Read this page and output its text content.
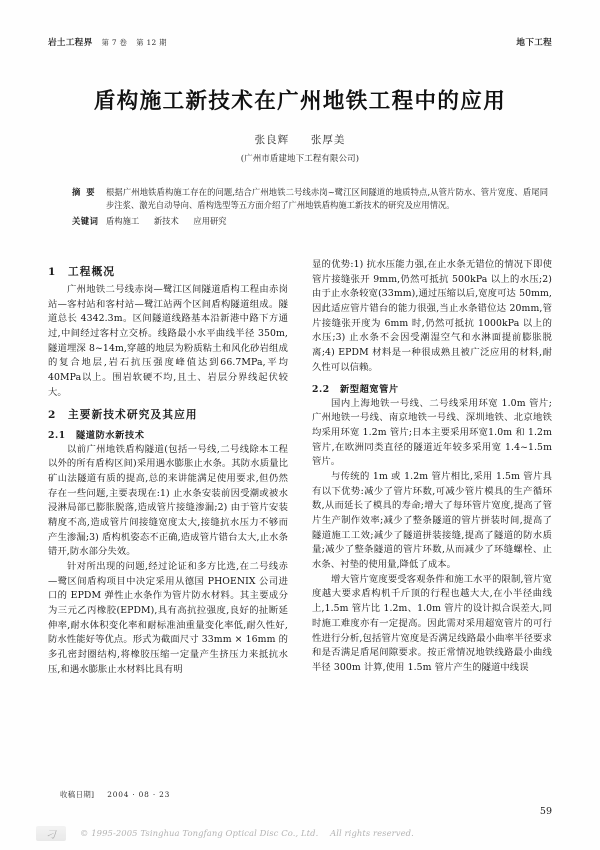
岩土工程界 第 7 卷 第 12 期	地下工程
盾构施工新技术在广州地铁工程中的应用
张良辉 张厚美
(广州市盾建地下工程有限公司)
摘要 根据广州地铁盾构施工存在的问题,结合广州地铁二号线赤岗~鹭江区间隧道的地质特点,从管片防水、管片宽度、盾尾同步注浆、激光自动导向、盾构选型等五方面介绍了广州地铁盾构施工新技术的研究及应用情况。
关键词 盾构施工 新技术 应用研究
1	工程概况

广州地铁二号线赤岗—鹭江区间隧道盾构工程由赤岗站—客村站和客村站—鹭江站两个区间盾构隧道组成。隧道总长 4342.3m。区间隧道线路基本沿新港中路下方通过,中间经过客村立交桥。线路最小水平曲线半径 350m,隧道埋深 8~14m,穿越的地层为粉质粘土和风化砂岩组成的复合地层,岩石抗压强度峰值达到66.7MPa,平均40MPa以上。围岩软硬不均,且土、岩层分界线起伏较大。

2	主要新技术研究及其应用
2.1	隧道防水新技术

以前广州地铁盾构隧道(包括一号线,二号线除本工程以外的所有盾构区间)采用遇水膨胀止水条。其防水质量比矿山法隧道有质的提高,总的来讲能满足使用要求,但仍然存在一些问题,主要表现在:1) 止水条安装前因受潮或被水浸淋局部已膨胀脱落,造成管片接缝渗漏;2) 由于管片安装精度不高,造成管片间接缝宽度太大,接缝抗水压力不够而产生渗漏;3) 盾构机姿态不正确,造成管片错台太大,止水条错开,防水部分失效。

针对所出现的问题,经过论证和多方比选,在二号线赤—鹭区间盾构项目中决定采用从德国 PHOENIX 公司进口的 EPDM 弹性止水条作为管片防水材料。其主要成分为三元乙丙橡胶(EPDM),具有高抗拉强度,良好的扯断延伸率,耐水体积变化率和耐标准油重量变化率低,耐久性好,防水性能好等优点。形式为截面尺寸 33mm × 16mm 的多孔密封圈结构,将橡胶压缩一定量产生挤压力来抵抗水压,和遇水膨胀止水材料比具有明

显的优势:1) 抗水压能力强,在止水条无错位的情况下即使管片接缝张开 9mm,仍然可抵抗 500kPa 以上的水压;2) 由于止水条较宽(33mm),通过压缩以后,宽度可达 50mm,因此适应管片错台的能力很强,当止水条错位达 20mm,管片接缝张开度为 6mm 时,仍然可抵抗 1000kPa 以上的水压;3) 止水条不会因受潮湿空气和水淋面提前膨胀脱离;4) EPDM 材料是一种很成熟且被广泛应用的材料,耐久性可以信赖。

2.2	新型超宽管片

国内上海地铁一号线、二号线采用环宽 1.0m 管片;广州地铁一号线、南京地铁一号线、深圳地铁、北京地铁均采用环宽 1.2m 管片;日本主要采用环宽1.0m 和 1.2m 管片,在欧洲同类直径的隧道近年较多采用宽 1.4~1.5m 管片。

与传统的 1m 或 1.2m 管片相比,采用 1.5m 管片具有以下优势:减少了管片环数,可减少管片模具的生产循环数,从而延长了模具的寿命;增大了每环管片宽度,提高了管片生产制作效率;减少了整条隧道的管片拼装时间,提高了隧道施工工效;减少了隧道拼装接缝,提高了隧道的防水质量;减少了整条隧道的管片环数,从而减少了环缝螺栓、止水条、衬垫的使用量,降低了成本。

增大管片宽度要受客观条件和施工水平的限制,管片宽度越大要求盾构机千斤顶的行程也越大大,在小半径曲线上,1.5m 管片比 1.2m、1.0m 管片的设计拟合误差大,同时施工难度亦有一定提高。因此需对采用超宽管片的可行性进行分析,包括管片宽度是否满足线路最小曲率半径要求和是否满足盾尾间隙要求。按正常情况地铁线路最小曲线半径 300m 计算,使用 1.5m 管片产生的隧道中线误

收稿日期] 2004 · 08 · 23
59
刁	© 1995-2005 Tsinghua Tongfang Optical Disc Co., Ltd. All rights reserved.
